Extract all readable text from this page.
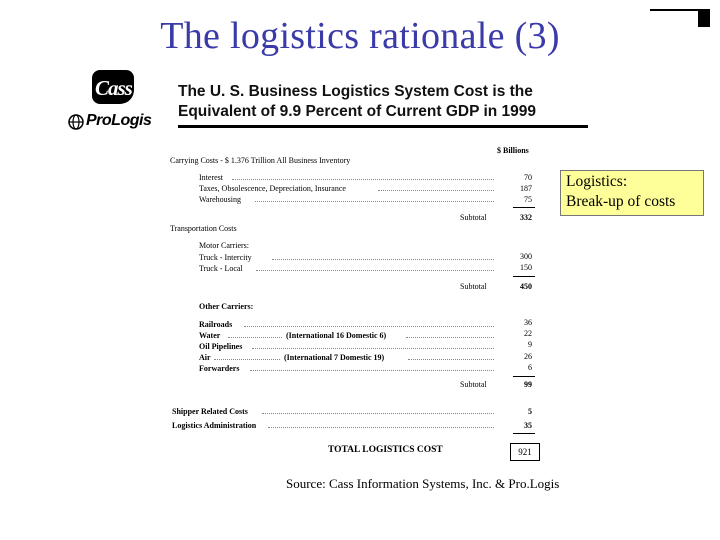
The logistics rationale (3)
Cass
ProLogis
The U. S. Business Logistics System Cost is the
Equivalent of 9.9 Percent of Current GDP in 1999
$ Billions
Carrying Costs - $ 1.376 Trillion All Business Inventory
Interest	70
Taxes, Obsolescence, Depreciation, Insurance	187
Warehousing	75
Subtotal	332
Transportation Costs
Motor Carriers:
Truck - Intercity	300
Truck - Local	150
Subtotal	450
Other Carriers:
Railroads	36
Water	(International 16 Domestic 6)	22
Oil Pipelines	9
Air	(International 7 Domestic 19)	26
Forwarders	6
Subtotal	99
Shipper Related Costs	5
Logistics Administration	35
TOTAL LOGISTICS COST	921
Logistics:
Break-up of costs
Source: Cass Information Systems, Inc. & Pro.Logis
